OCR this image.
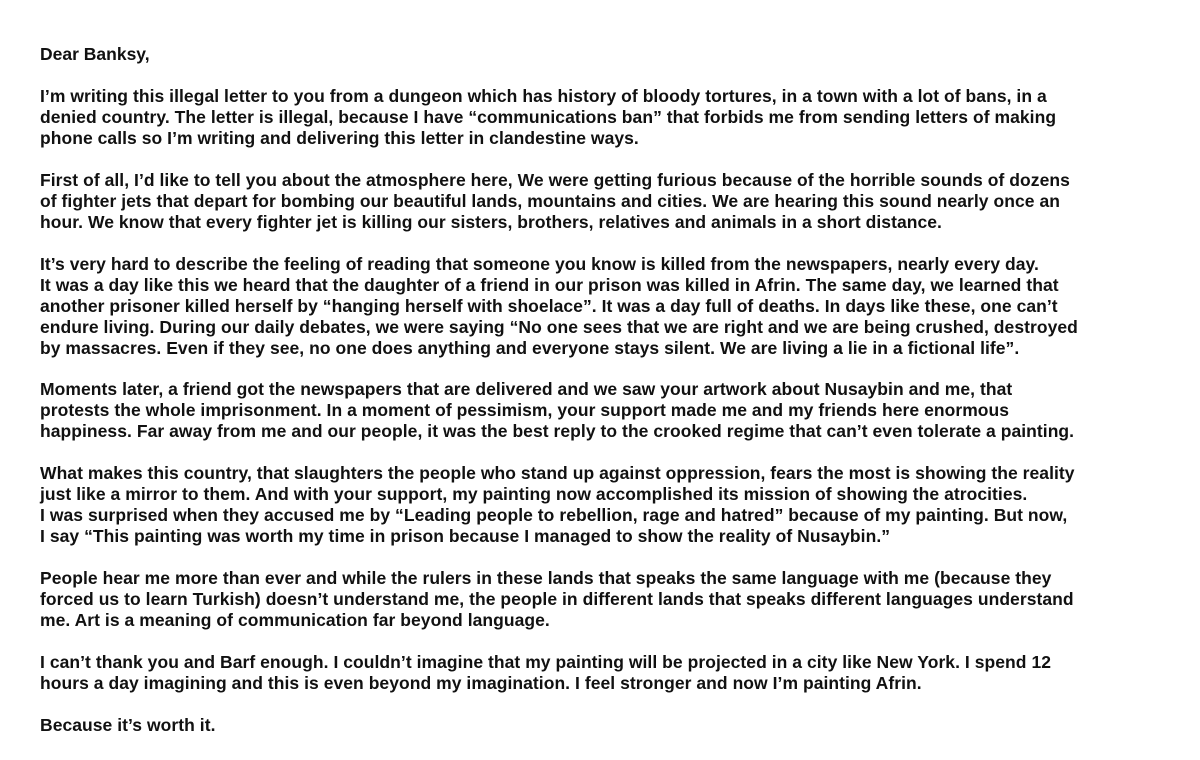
Dear Banksy,

I’m writing this illegal letter to you from a dungeon which has history of bloody tortures, in a town with a lot of bans, in a
denied country. The letter is illegal, because I have “communications ban” that forbids me from sending letters of making
phone calls so I’m writing and delivering this letter in clandestine ways.

First of all, I’d like to tell you about the atmosphere here, We were getting furious because of the horrible sounds of dozens
of fighter jets that depart for bombing our beautiful lands, mountains and cities. We are hearing this sound nearly once an
hour. We know that every fighter jet is killing our sisters, brothers, relatives and animals in a short distance.

It’s very hard to describe the feeling of reading that someone you know is killed from the newspapers, nearly every day.
It was a day like this we heard that the daughter of a friend in our prison was killed in Afrin. The same day, we learned that
another prisoner killed herself by “hanging herself with shoelace”. It was a day full of deaths. In days like these, one can’t
endure living. During our daily debates, we were saying “No one sees that we are right and we are being crushed, destroyed
by massacres. Even if they see, no one does anything and everyone stays silent. We are living a lie in a fictional life”.

Moments later, a friend got the newspapers that are delivered and we saw your artwork about Nusaybin and me, that
protests the whole imprisonment. In a moment of pessimism, your support made me and my friends here enormous
happiness. Far away from me and our people, it was the best reply to the crooked regime that can’t even tolerate a painting.

What makes this country, that slaughters the people who stand up against oppression, fears the most is showing the reality
just like a mirror to them. And with your support, my painting now accomplished its mission of showing the atrocities.
I was surprised when they accused me by “Leading people to rebellion, rage and hatred” because of my painting. But now,
I say “This painting was worth my time in prison because I managed to show the reality of Nusaybin.”

People hear me more than ever and while the rulers in these lands that speaks the same language with me (because they
forced us to learn Turkish) doesn’t understand me, the people in different lands that speaks different languages understand
me. Art is a meaning of communication far beyond language.

I can’t thank you and Barf enough. I couldn’t imagine that my painting will be projected in a city like New York. I spend 12
hours a day imagining and this is even beyond my imagination. I feel stronger and now I’m painting Afrin.

Because it’s worth it.
